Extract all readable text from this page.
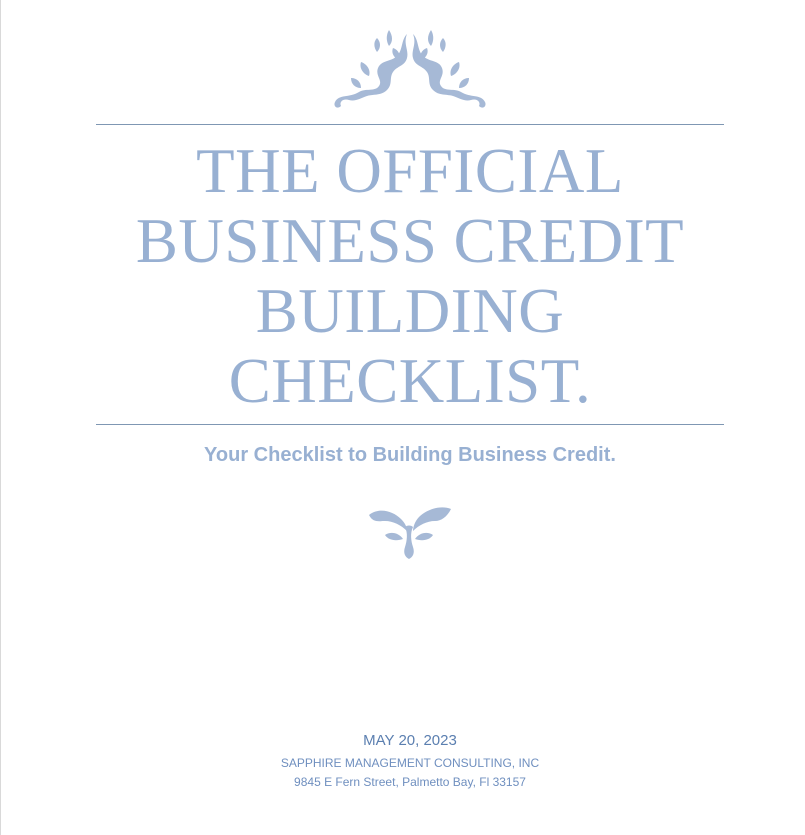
THE OFFICIAL
BUSINESS CREDIT
BUILDING
CHECKLIST.
Your Checklist to Building Business Credit.
MAY 20, 2023
SAPPHIRE MANAGEMENT CONSULTING, INC
9845 E Fern Street, Palmetto Bay, Fl 33157
